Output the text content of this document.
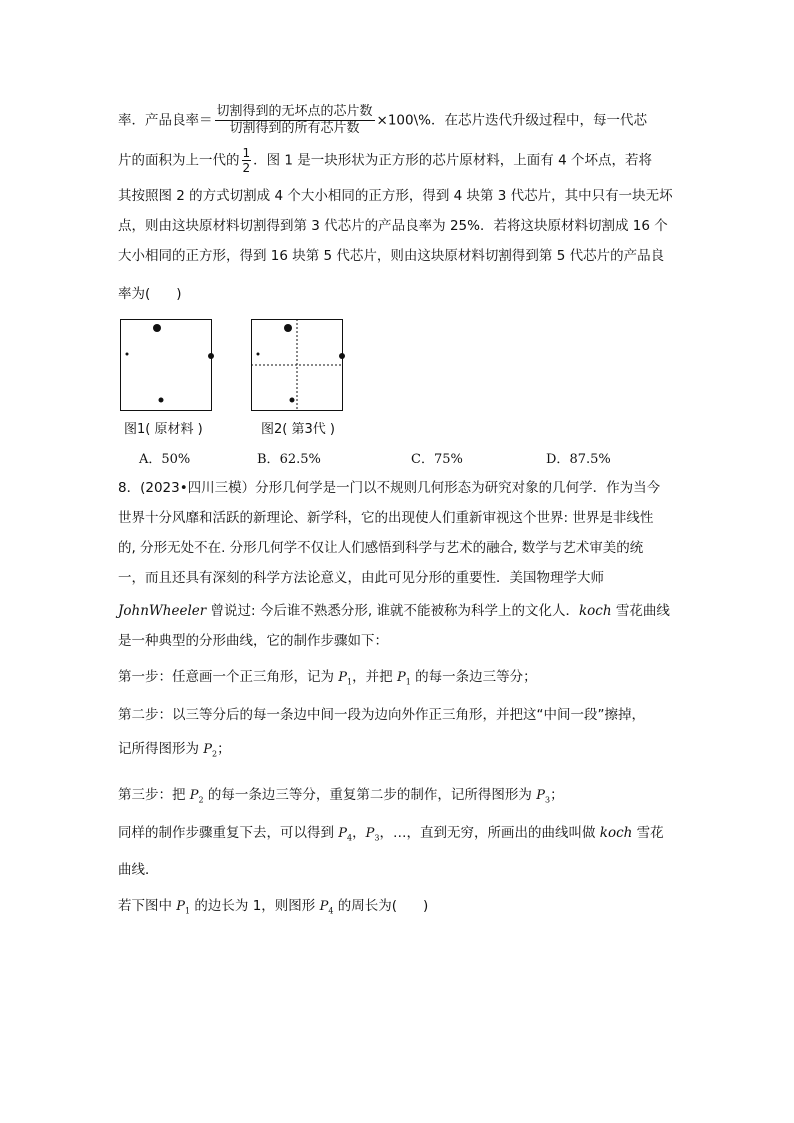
率．产品良率＝ $\frac{\text{切割得到的无坏点的芯片数}}{\text{切割得到的所有芯片数}}$ ×100\%．在芯片迭代升级过程中，每一代芯
片的面积为上一代的 $\frac{1}{2}$ ．图 1 是一块形状为正方形的芯片原材料，上面有 4 个坏点，若将
其按照图 2 的方式切割成 4 个大小相同的正方形，得到 4 块第 3 代芯片，其中只有一块无坏
点，则由这块原材料切割得到第 3 代芯片的产品良率为 25%．若将这块原材料切割成 16 个
大小相同的正方形，得到 16 块第 5 代芯片，则由这块原材料切割得到第 5 代芯片的产品良
率为( )
图1( 原材料 )	图2( 第3代 )
A．50%	B．62.5%	C．75%	D．87.5%
8．(2023•四川三模）分形几何学是一门以不规则几何形态为研究对象的几何学．作为当今
世界十分风靡和活跃的新理论、新学科，它的出现使人们重新审视这个世界: 世界是非线性
的, 分形无处不在. 分形几何学不仅让人们感悟到科学与艺术的融合, 数学与艺术审美的统
一，而且还具有深刻的科学方法论意义，由此可见分形的重要性．美国物理学大师
JohnWheeler 曾说过: 今后谁不熟悉分形, 谁就不能被称为科学上的文化人．koch 雪花曲线
是一种典型的分形曲线，它的制作步骤如下：
第一步：任意画一个正三角形，记为 $P_1$，并把 $P_1$ 的每一条边三等分；
第二步：以三等分后的每一条边中间一段为边向外作正三角形，并把这“中间一段”擦掉，
记所得图形为 $P_2$；
第三步：把 $P_2$ 的每一条边三等分，重复第二步的制作，记所得图形为 $P_3$；
同样的制作步骤重复下去，可以得到 $P_4$，$P_3$，…，直到无穷，所画出的曲线叫做 koch 雪花
曲线．
若下图中 $P_1$ 的边长为 1，则图形 $P_4$ 的周长为( )
